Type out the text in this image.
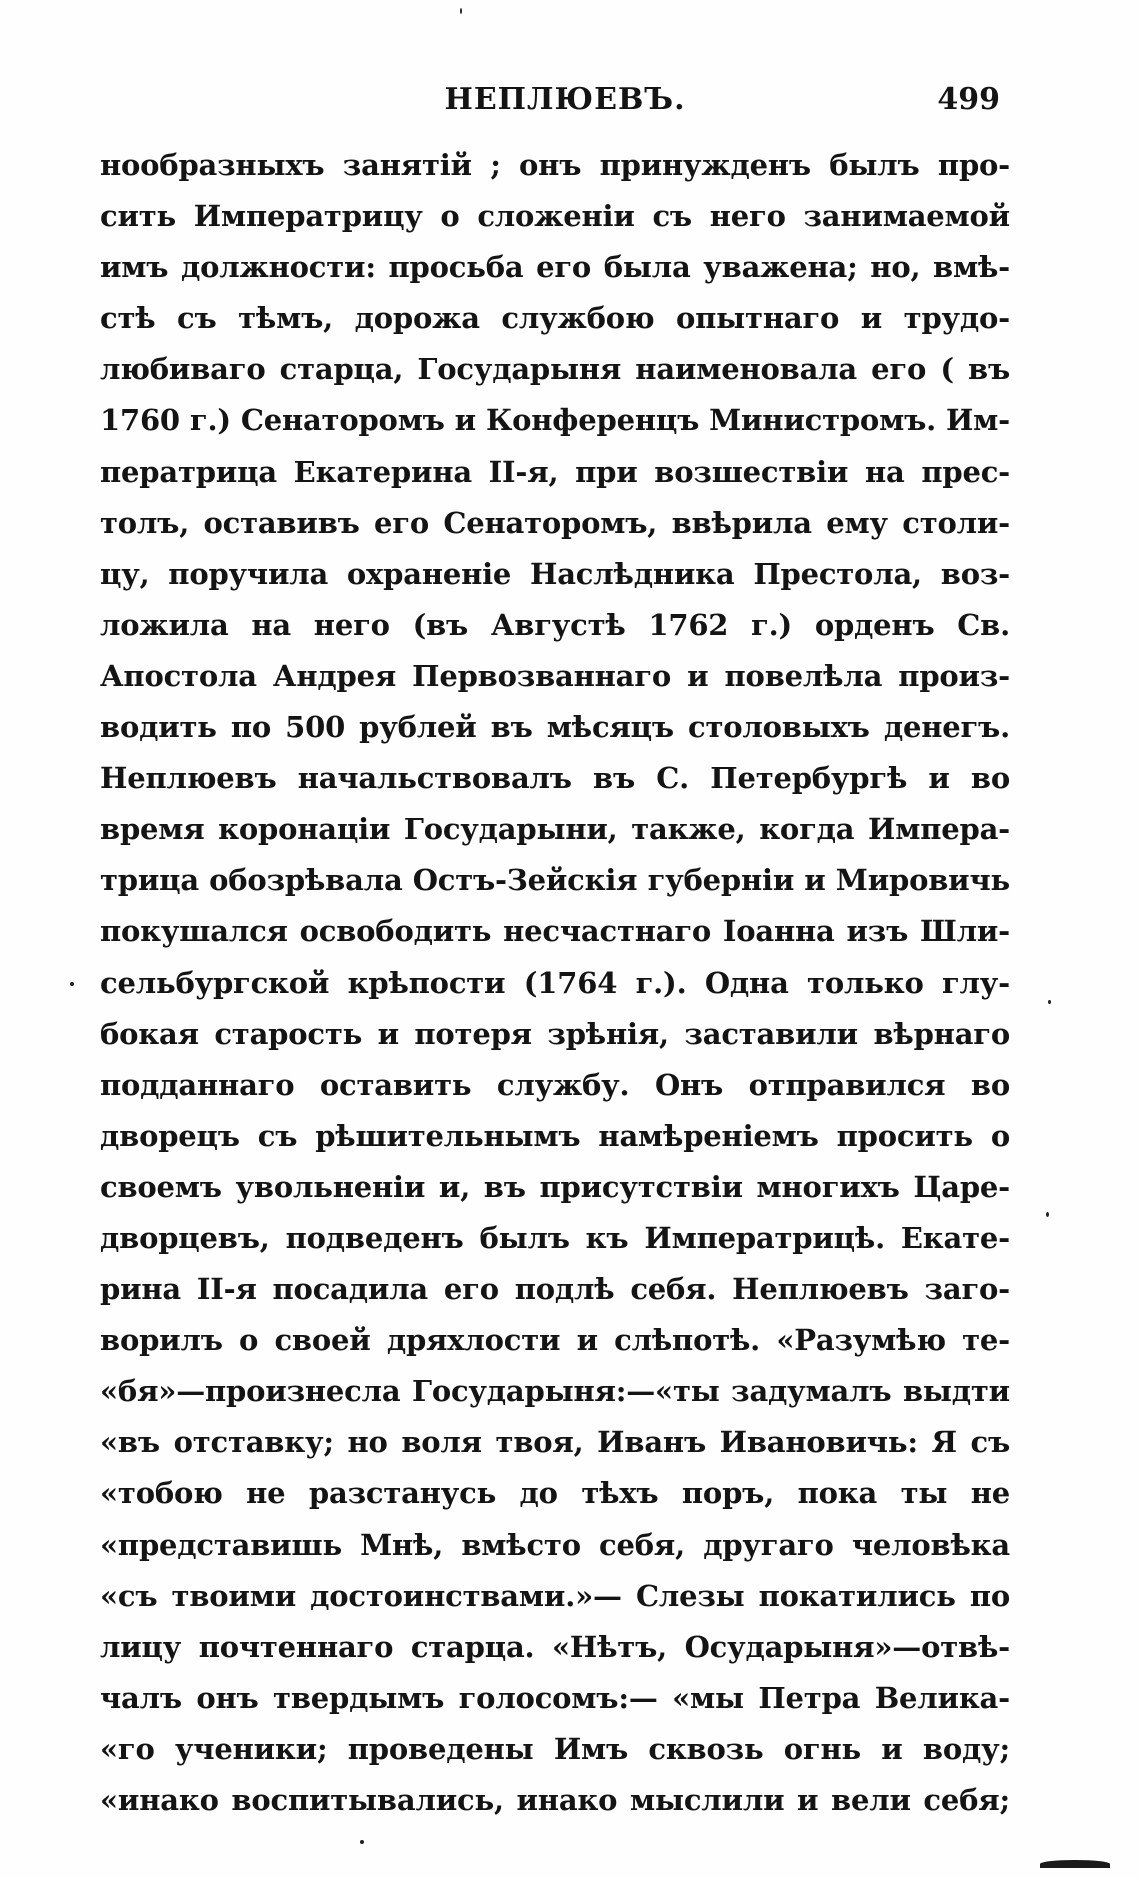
НЕПЛЮЕВЪ.	499
нообразныхъ занятій ; онъ принужденъ былъ про-
сить Императрицу о сложеніи съ него занимаемой
имъ должности: просьба его была уважена; но, вмѣ-
стѣ съ тѣмъ, дорожа службою опытнаго и трудо-
любиваго старца, Государыня наименовала его ( въ
1760 г.) Сенаторомъ и Конференцъ Министромъ. Им-
ператрица Екатерина II-я, при возшествіи на прес-
толъ, оставивъ его Сенаторомъ, ввѣрила ему столи-
цу, поручила охраненіе Наслѣдника Престола, воз-
ложила на него (въ Августѣ 1762 г.) орденъ Св.
Апостола Андрея Первозваннаго и повелѣла произ-
водить по 500 рублей въ мѣсяцъ столовыхъ денегъ.
Неплюевъ начальствовалъ въ С. Петербургѣ и во
время коронаціи Государыни, также, когда Импера-
трица обозрѣвала Остъ-Зейскія губерніи и Мировичь
покушался освободить несчастнаго Іоанна изъ Шли-
сельбургской крѣпости (1764 г.). Одна только глу-
бокая старость и потеря зрѣнія, заставили вѣрнаго
подданнаго оставить службу. Онъ отправился во
дворецъ съ рѣшительнымъ намѣреніемъ просить о
своемъ увольненіи и, въ присутствіи многихъ Царе-
дворцевъ, подведенъ былъ къ Императрицѣ. Екате-
рина II-я посадила его подлѣ себя. Неплюевъ заго-
ворилъ о своей дряхлости и слѣпотѣ. «Разумѣю те-
«бя»—произнесла Государыня:—«ты задумалъ выдти
«въ отставку; но воля твоя, Иванъ Ивановичь: Я съ
«тобою не разстанусь до тѣхъ поръ, пока ты не
«представишь Мнѣ, вмѣсто себя, другаго человѣка
«съ твоими достоинствами.»— Слезы покатились по
лицу почтеннаго старца. «Нѣтъ, Осударыня»—отвѣ-
чалъ онъ твердымъ голосомъ:— «мы Петра Велика-
«го ученики; проведены Имъ сквозь огнь и воду;
«инако воспитывались, инако мыслили и вели себя;
